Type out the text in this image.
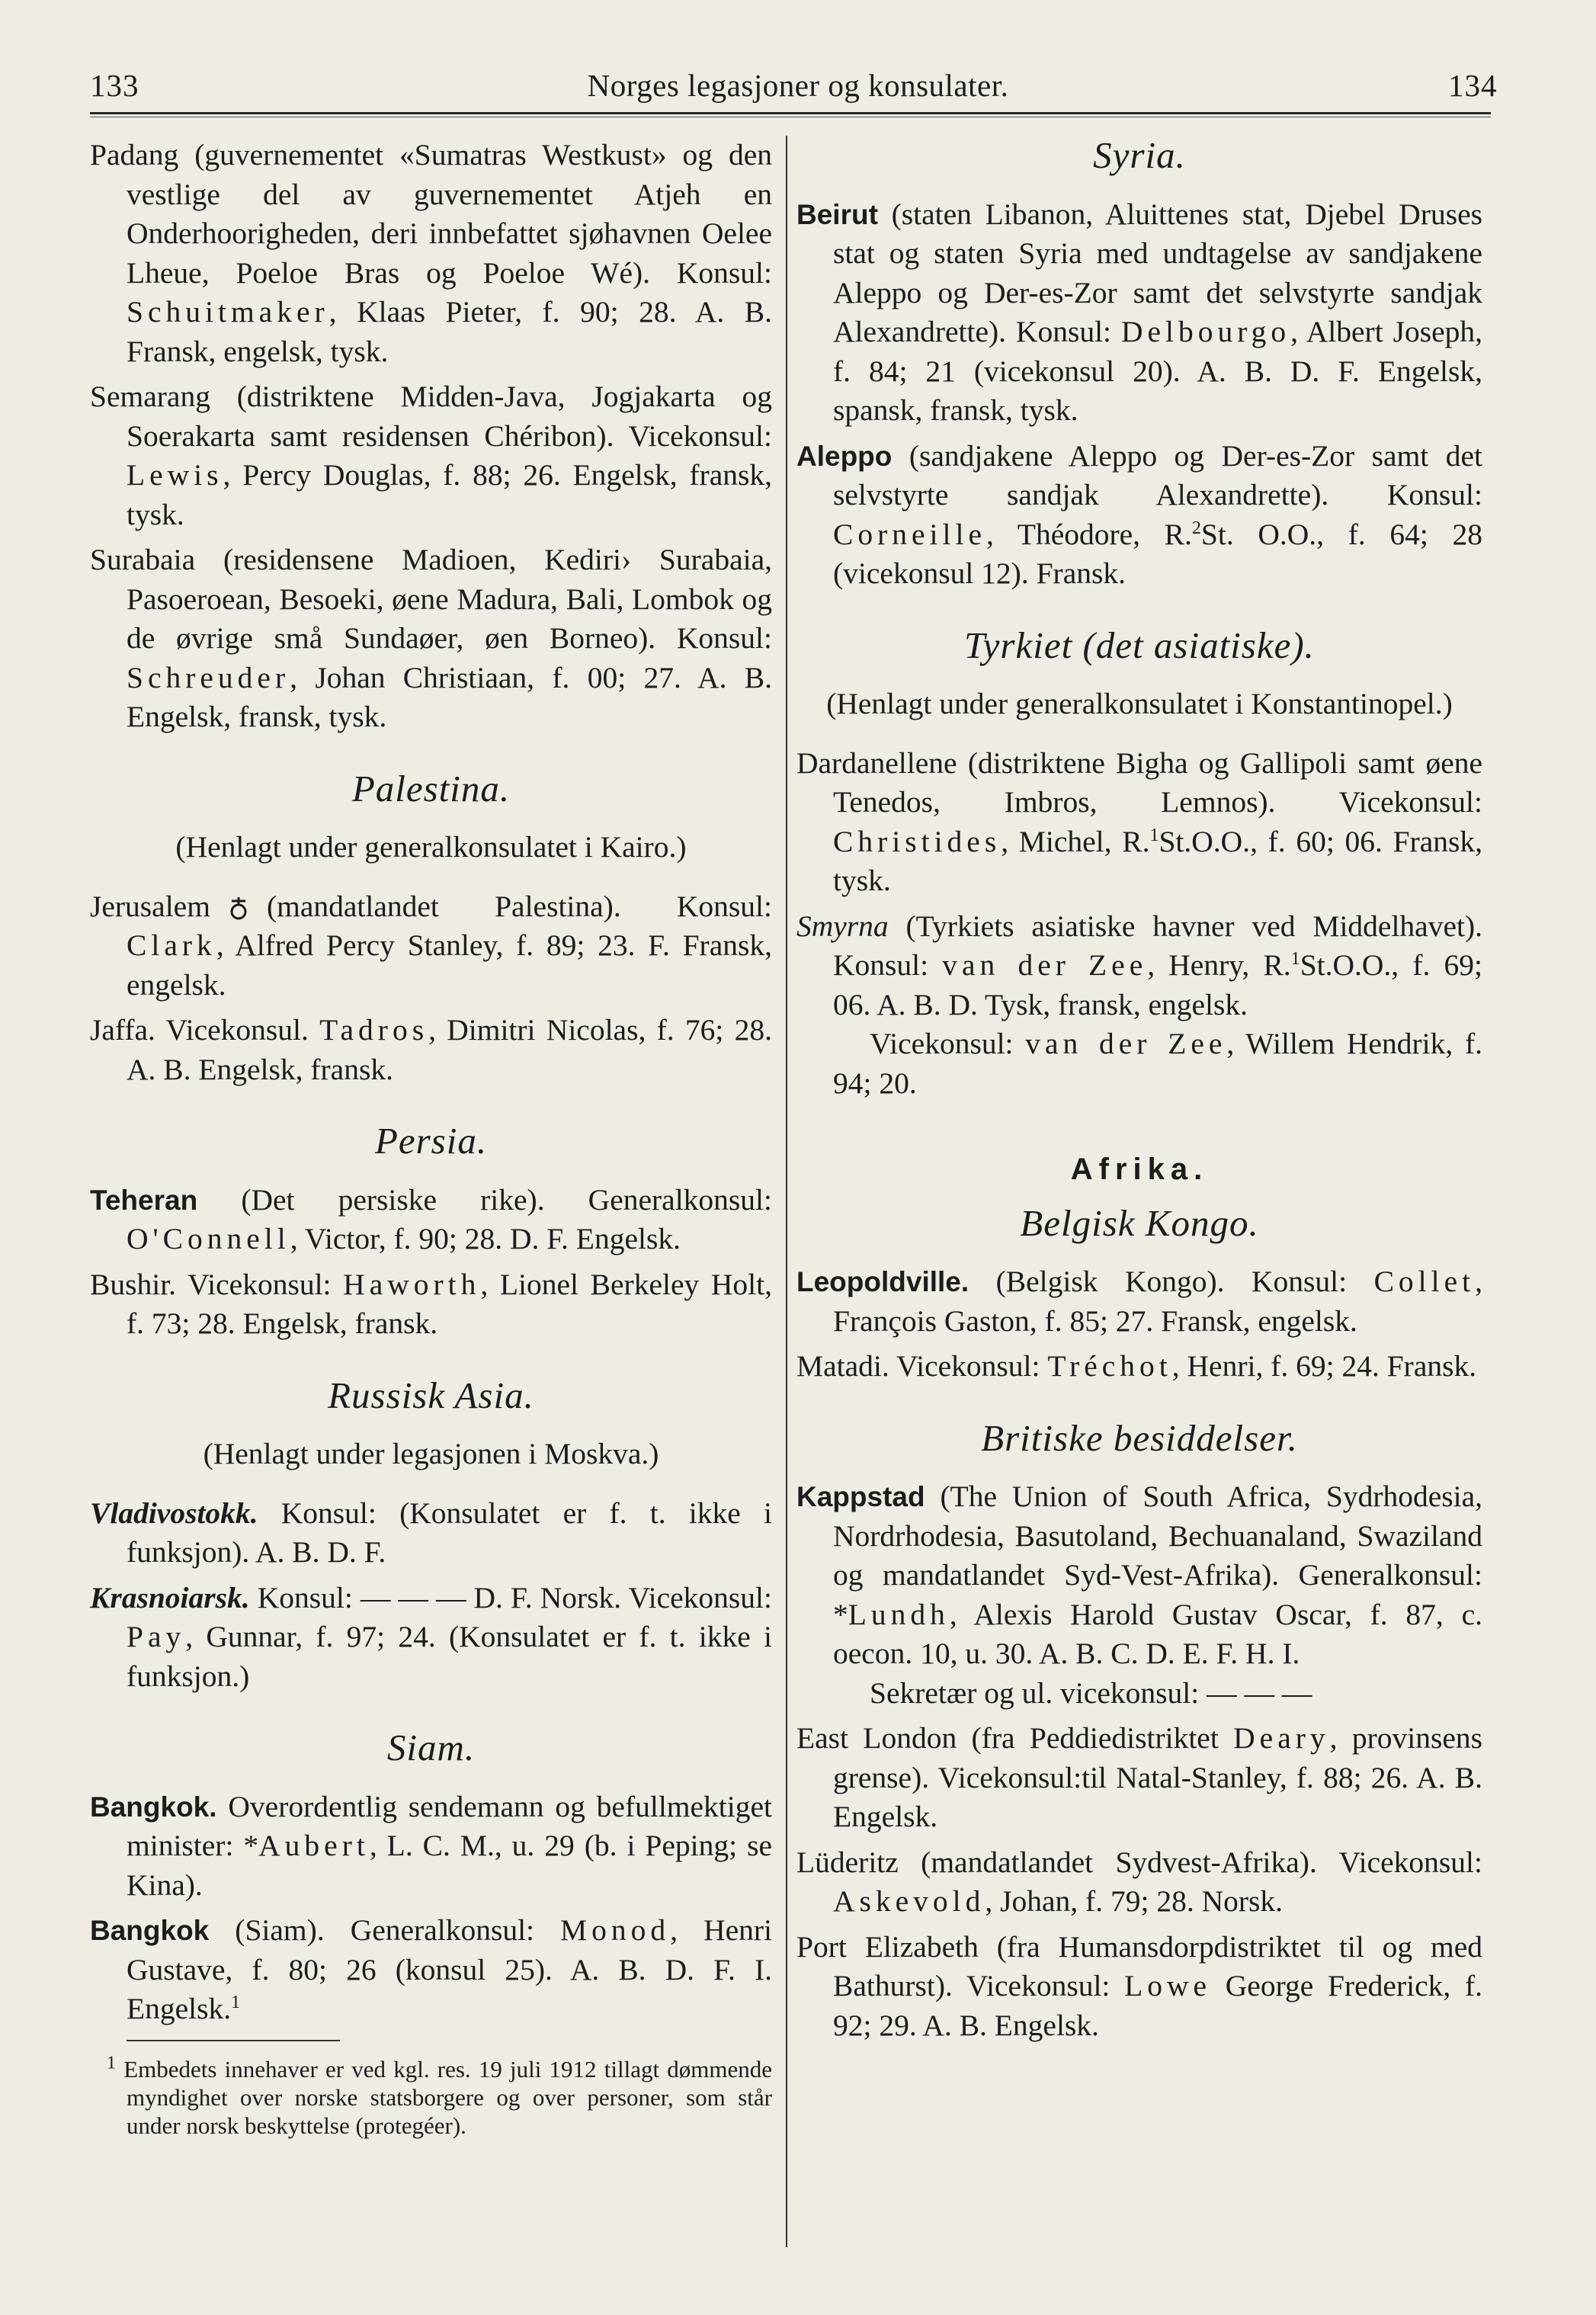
133	Norges legasjoner og konsulater.	134
Padang (guvernementet «Sumatras Westkust» og den vestlige del av guvernementet Atjeh en Onderhoorigheden, deri innbefattet sjøhavnen Oelee Lheue, Poeloe Bras og Poeloe Wé). Konsul: Schuitmaker, Klaas Pieter, f. 90; 28. A. B. Fransk, engelsk, tysk.
Semarang (distriktene Midden-Java, Jogjakarta og Soerakarta samt residensen Chéribon). Vicekonsul: Lewis, Percy Douglas, f. 88; 26. Engelsk, fransk, tysk.
Surabaia (residensene Madioen, Kediri› Surabaia, Pasoeroean, Besoeki, øene Madura, Bali, Lombok og de øvrige små Sundaøer, øen Borneo). Konsul: Schreuder, Johan Christiaan, f. 00; 27. A. B. Engelsk, fransk, tysk.
Palestina.
(Henlagt under generalkonsulatet i Kairo.)
Jerusalem (mandatlandet Palestina). Konsul: Clark, Alfred Percy Stanley, f. 89; 23. F. Fransk, engelsk.
Jaffa. Vicekonsul. Tadros, Dimitri Nicolas, f. 76; 28. A. B. Engelsk, fransk.
Persia.
Teheran (Det persiske rike). Generalkonsul: O'Connell, Victor, f. 90; 28. D. F. Engelsk.
Bushir. Vicekonsul: Haworth, Lionel Berkeley Holt, f. 73; 28. Engelsk, fransk.
Russisk Asia.
(Henlagt under legasjonen i Moskva.)
Vladivostokk. Konsul: (Konsulatet er f. t. ikke i funksjon). A. B. D. F.
Krasnoiarsk. Konsul: — — — D. F. Norsk. Vicekonsul: Pay, Gunnar, f. 97; 24. (Konsulatet er f. t. ikke i funksjon.)
Siam.
Bangkok. Overordentlig sendemann og befullmektiget minister: *Aubert, L. C. M., u. 29 (b. i Peping; se Kina).
Bangkok (Siam). Generalkonsul: Monod, Henri Gustave, f. 80; 26 (konsul 25). A. B. D. F. I. Engelsk.$^1$
$^1$ Embedets innehaver er ved kgl. res. 19 juli 1912 tillagt dømmende myndighet over norske statsborgere og over personer, som står under norsk beskyttelse (protegéer).
Syria.
Beirut (staten Libanon, Aluittenes stat, Djebel Druses stat og staten Syria med undtagelse av sandjakene Aleppo og Der-es-Zor samt det selvstyrte sandjak Alexandrette). Konsul: Delbourgo, Albert Joseph, f. 84; 21 (vicekonsul 20). A. B. D. F. Engelsk, spansk, fransk, tysk.
Aleppo (sandjakene Aleppo og Der-es-Zor samt det selvstyrte sandjak Alexandrette). Konsul: Corneille, Théodore, R.$^2$St. O.O., f. 64; 28 (vicekonsul 12). Fransk.
Tyrkiet (det asiatiske).
(Henlagt under generalkonsulatet i Konstantinopel.)
Dardanellene (distriktene Bigha og Gallipoli samt øene Tenedos, Imbros, Lemnos). Vicekonsul: Christides, Michel, R.$^1$St.O.O., f. 60; 06. Fransk, tysk.
Smyrna (Tyrkiets asiatiske havner ved Middelhavet). Konsul: van der Zee, Henry, R.$^1$St.O.O., f. 69; 06. A. B. D. Tysk, fransk, engelsk.
Vicekonsul: van der Zee, Willem Hendrik, f. 94; 20.
Afrika.
Belgisk Kongo.
Leopoldville. (Belgisk Kongo). Konsul: Collet, François Gaston, f. 85; 27. Fransk, engelsk.
Matadi. Vicekonsul: Tréchot, Henri, f. 69; 24. Fransk.
Britiske besiddelser.
Kappstad (The Union of South Africa, Sydrhodesia, Nordrhodesia, Basutoland, Bechuanaland, Swaziland og mandatlandet Syd-Vest-Afrika). Generalkonsul: *Lundh, Alexis Harold Gustav Oscar, f. 87, c. oecon. 10, u. 30. A. B. C. D. E. F. H. I.
Sekretær og ul. vicekonsul: — — —
East London (fra Peddiedistriktet Deary, provinsens grense). Vicekonsul:til Natal-Stanley, f. 88; 26. A. B. Engelsk.
Lüderitz (mandatlandet Sydvest-Afrika). Vicekonsul: Askevold, Johan, f. 79; 28. Norsk.
Port Elizabeth (fra Humansdorpdistriktet til og med Bathurst). Vicekonsul: Lowe George Frederick, f. 92; 29. A. B. Engelsk.
